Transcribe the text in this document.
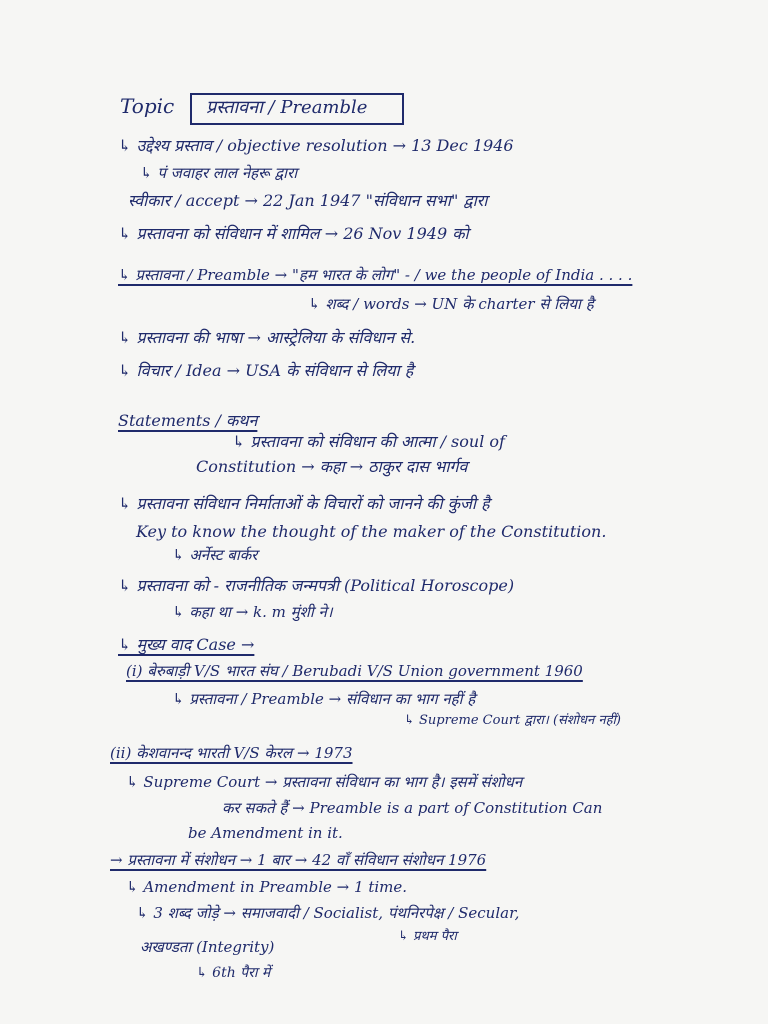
Topic प्रस्तावना / Preamble
↳ उद्देश्य प्रस्ताव / objective resolution → 13 Dec 1946
↳ पं जवाहर लाल नेहरू द्वारा
स्वीकार / accept → 22 Jan 1947 "संविधान सभा" द्वारा
↳ प्रस्तावना को संविधान में शामिल → 26 Nov 1949 को
↳ प्रस्तावना / Preamble → "हम भारत के लोग" - / we the people of India . . . .
↳ शब्द / words → UN के charter से लिया है
↳ प्रस्तावना की भाषा → आस्ट्रेलिया के संविधान से.
↳ विचार / Idea → USA के संविधान से लिया है
Statements / कथन
↳ प्रस्तावना को संविधान की आत्मा / soul of
Constitution → कहा → ठाकुर दास भार्गव
↳ प्रस्तावना संविधान निर्माताओं के विचारों को जानने की कुंजी है
Key to know the thought of the maker of the Constitution.
↳ अर्नेस्ट बार्कर
↳ प्रस्तावना को - राजनीतिक जन्मपत्री (Political Horoscope)
↳ कहा था → k. m मुंशी ने।
↳ मुख्य वाद Case →
(i) बेरुबाड़ी V/S भारत संघ / Berubadi V/S Union government 1960
↳ प्रस्तावना / Preamble → संविधान का भाग नहीं है
↳ Supreme Court द्वारा। (संशोधन नहीं)
(ii) केशवानन्द भारती V/S केरल → 1973
↳ Supreme Court → प्रस्तावना संविधान का भाग है। इसमें संशोधन
कर सकते हैं → Preamble is a part of Constitution Can
be Amendment in it.
→ प्रस्तावना में संशोधन → 1 बार → 42 वाँ संविधान संशोधन 1976
↳ Amendment in Preamble → 1 time.
↳ 3 शब्द जोड़े → समाजवादी / Socialist, पंथनिरपेक्ष / Secular,
↳ प्रथम पैरा
अखण्डता (Integrity)
↳ 6th पैरा में
